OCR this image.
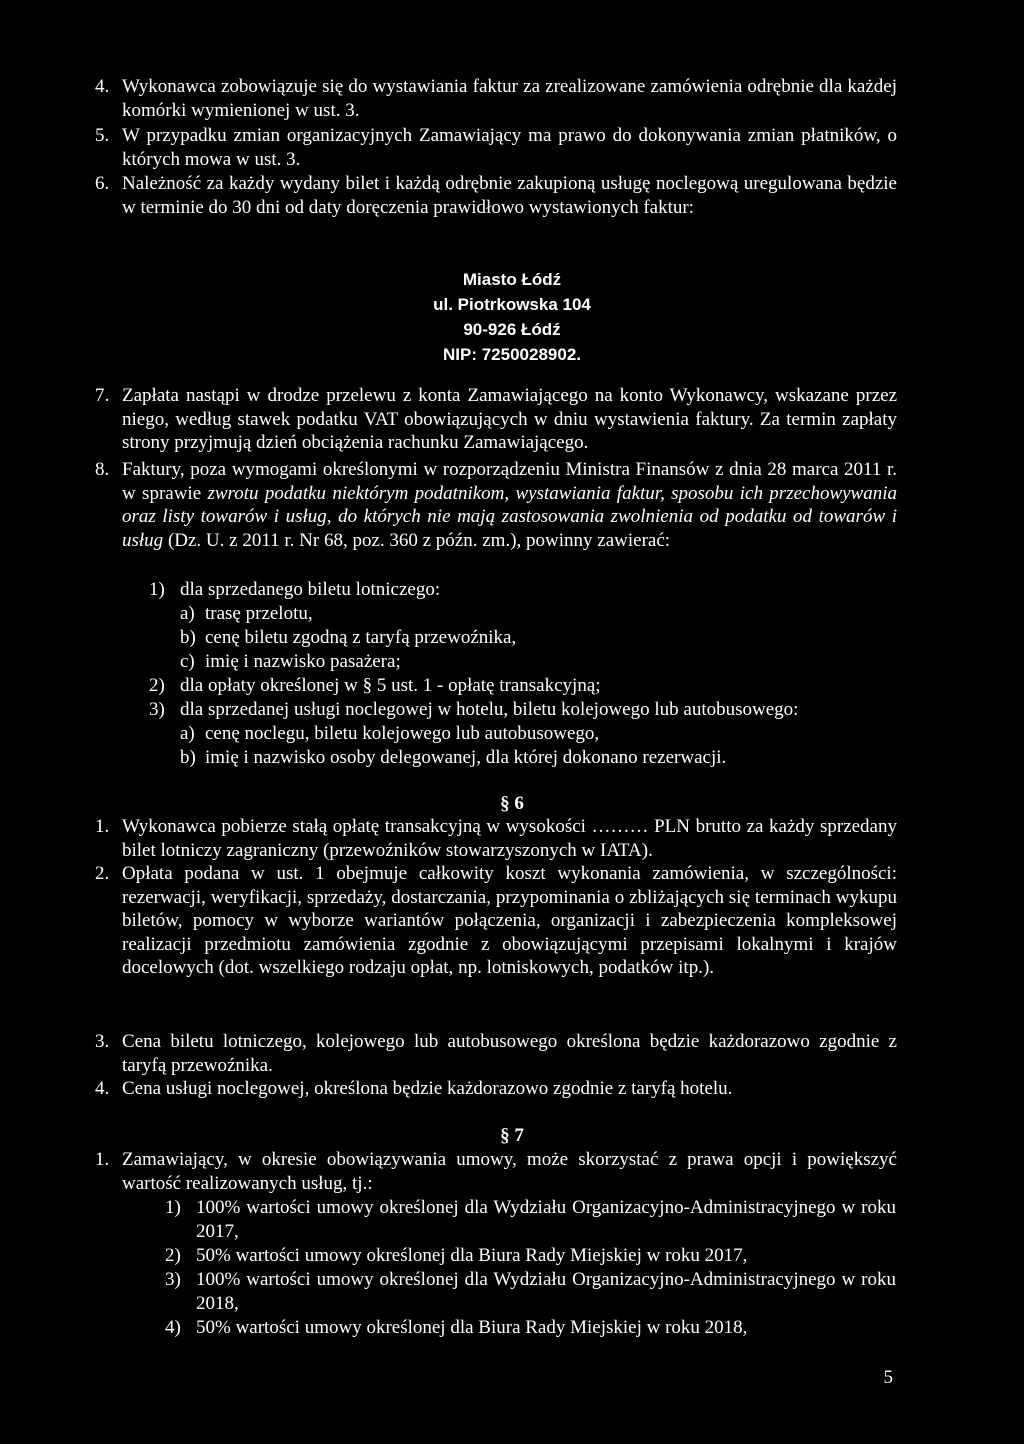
4. Wykonawca zobowiązuje się do wystawiania faktur za zrealizowane zamówienia odrębnie dla każdej komórki wymienionej w ust. 3.
5. W przypadku zmian organizacyjnych Zamawiający ma prawo do dokonywania zmian płatników, o których mowa w ust. 3.
6. Należność za każdy wydany bilet i każdą odrębnie zakupioną usługę noclegową uregulowana będzie w terminie do 30 dni od daty doręczenia prawidłowo wystawionych faktur:
Miasto Łódź
ul. Piotrkowska 104
90-926 Łódź
NIP: 7250028902.
7. Zapłata nastąpi w drodze przelewu z konta Zamawiającego na konto Wykonawcy, wskazane przez niego, według stawek podatku VAT obowiązujących w dniu wystawienia faktury. Za termin zapłaty strony przyjmują dzień obciążenia rachunku Zamawiającego.
8. Faktury, poza wymogami określonymi w rozporządzeniu Ministra Finansów z dnia 28 marca 2011 r. w sprawie zwrotu podatku niektórym podatnikom, wystawiania faktur, sposobu ich przechowywania oraz listy towarów i usług, do których nie mają zastosowania zwolnienia od podatku od towarów i usług (Dz. U. z 2011 r. Nr 68, poz. 360 z późn. zm.), powinny zawierać:
1) dla sprzedanego biletu lotniczego:
a) trasę przelotu,
b) cenę biletu zgodną z taryfą przewoźnika,
c) imię i nazwisko pasażera;
2) dla opłaty określonej w § 5 ust. 1 - opłatę transakcyjną;
3) dla sprzedanej usługi noclegowej w hotelu, biletu kolejowego lub autobusowego:
a) cenę noclegu, biletu kolejowego lub autobusowego,
b) imię i nazwisko osoby delegowanej, dla której dokonano rezerwacji.
§ 6
1. Wykonawca pobierze stałą opłatę transakcyjną w wysokości ……… PLN brutto za każdy sprzedany bilet lotniczy zagraniczny (przewoźników stowarzyszonych w IATA).
2. Opłata podana w ust. 1 obejmuje całkowity koszt wykonania zamówienia, w szczególności: rezerwacji, weryfikacji, sprzedaży, dostarczania, przypominania o zbliżających się terminach wykupu biletów, pomocy w wyborze wariantów połączenia, organizacji i zabezpieczenia kompleksowej realizacji przedmiotu zamówienia zgodnie z obowiązującymi przepisami lokalnymi i krajów docelowych (dot. wszelkiego rodzaju opłat, np. lotniskowych, podatków itp.).
3. Cena biletu lotniczego, kolejowego lub autobusowego określona będzie każdorazowo zgodnie z taryfą przewoźnika.
4. Cena usługi noclegowej, określona będzie każdorazowo zgodnie z taryfą hotelu.
§ 7
1. Zamawiający, w okresie obowiązywania umowy, może skorzystać z prawa opcji i powiększyć wartość realizowanych usług, tj.:
1) 100% wartości umowy określonej dla Wydziału Organizacyjno-Administracyjnego w roku 2017,
2) 50% wartości umowy określonej dla Biura Rady Miejskiej w roku 2017,
3) 100% wartości umowy określonej dla Wydziału Organizacyjno-Administracyjnego w roku 2018,
4) 50% wartości umowy określonej dla Biura Rady Miejskiej w roku 2018,
5
